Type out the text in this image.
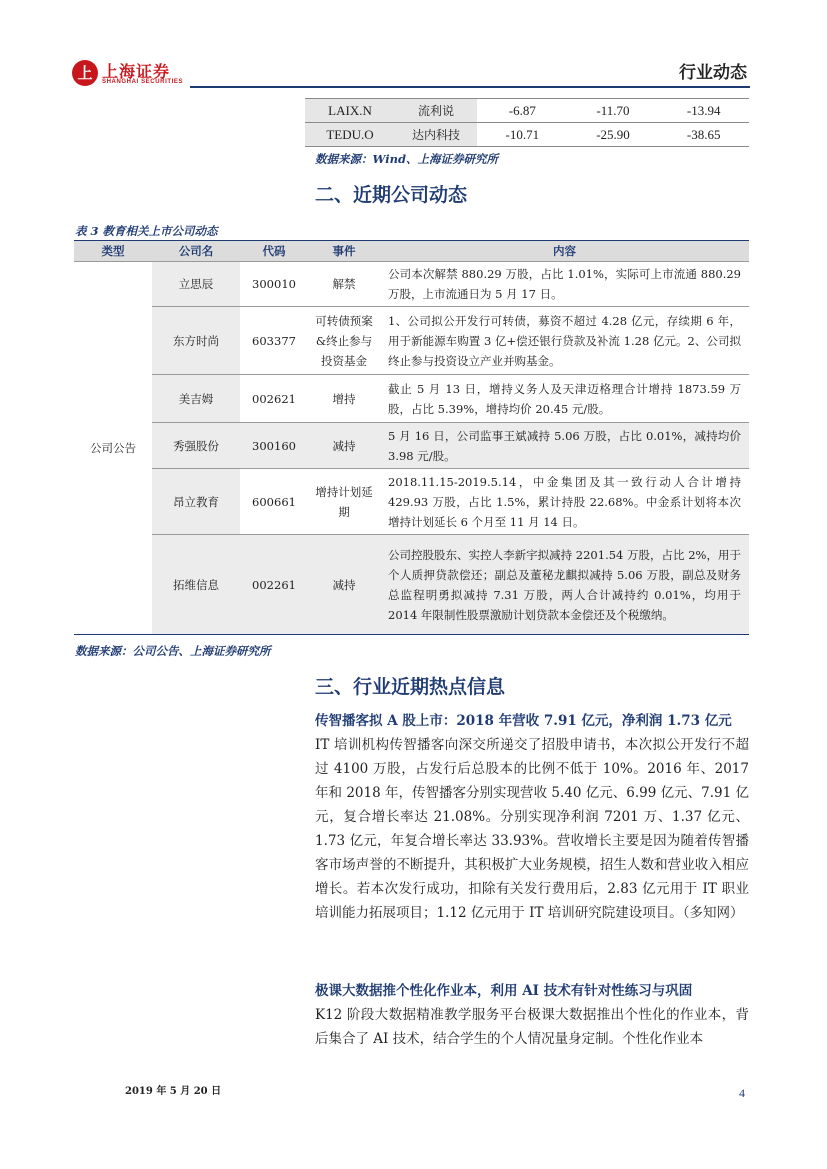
上 上海证券
SHANGHAI SECURITIES	行业动态
LAIX.N	流利说	-6.87	-11.70	-13.94
TEDU.O	达内科技	-10.71	-25.90	-38.65
数据来源：Wind、上海证券研究所
二、近期公司动态
表 3 教育相关上市公司动态
类型	公司名	代码	事件	内容
公司公告	立思辰	300010	解禁	公司本次解禁 880.29 万股，占比 1.01%，实际可上市流通 880.29 万股，上市流通日为 5 月 17 日。
	东方时尚	603377	可转债预案&终止参与投资基金	1、公司拟公开发行可转债，募资不超过 4.28 亿元，存续期 6 年，用于新能源车购置 3 亿+偿还银行贷款及补流 1.28 亿元。2、公司拟终止参与投资设立产业并购基金。
	美吉姆	002621	增持	截止 5 月 13 日，增持义务人及天津迈格理合计增持 1873.59 万股，占比 5.39%，增持均价 20.45 元/股。
	秀强股份	300160	减持	5 月 16 日，公司监事王斌减持 5.06 万股，占比 0.01%，减持均价 3.98 元/股。
	昂立教育	600661	增持计划延期	2018.11.15-2019.5.14，中金集团及其一致行动人合计增持 429.93 万股，占比 1.5%，累计持股 22.68%。中金系计划将本次增持计划延长 6 个月至 11 月 14 日。
	拓维信息	002261	减持	公司控股股东、实控人李新宇拟减持 2201.54 万股，占比 2%，用于个人质押贷款偿还；副总及董秘龙麒拟减持 5.06 万股，副总及财务总监程明勇拟减持 7.31 万股，两人合计减持约 0.01%，均用于 2014 年限制性股票激励计划贷款本金偿还及个税缴纳。
数据来源：公司公告、上海证券研究所
三、行业近期热点信息
传智播客拟 A 股上市：2018 年营收 7.91 亿元，净利润 1.73 亿元
IT 培训机构传智播客向深交所递交了招股申请书，本次拟公开发行不超过 4100 万股，占发行后总股本的比例不低于 10%。2016 年、2017 年和 2018 年，传智播客分别实现营收 5.40 亿元、6.99 亿元、7.91 亿元，复合增长率达 21.08%。分别实现净利润 7201 万、1.37 亿元、1.73 亿元，年复合增长率达 33.93%。营收增长主要是因为随着传智播客市场声誉的不断提升，其积极扩大业务规模，招生人数和营业收入相应增长。若本次发行成功，扣除有关发行费用后，2.83 亿元用于 IT 职业培训能力拓展项目；1.12 亿元用于 IT 培训研究院建设项目。（多知网）
极课大数据推个性化作业本，利用 AI 技术有针对性练习与巩固
K12 阶段大数据精准教学服务平台极课大数据推出个性化的作业本，背后集合了 AI 技术，结合学生的个人情况量身定制。个性化作业本
2019 年 5 月 20 日	4
